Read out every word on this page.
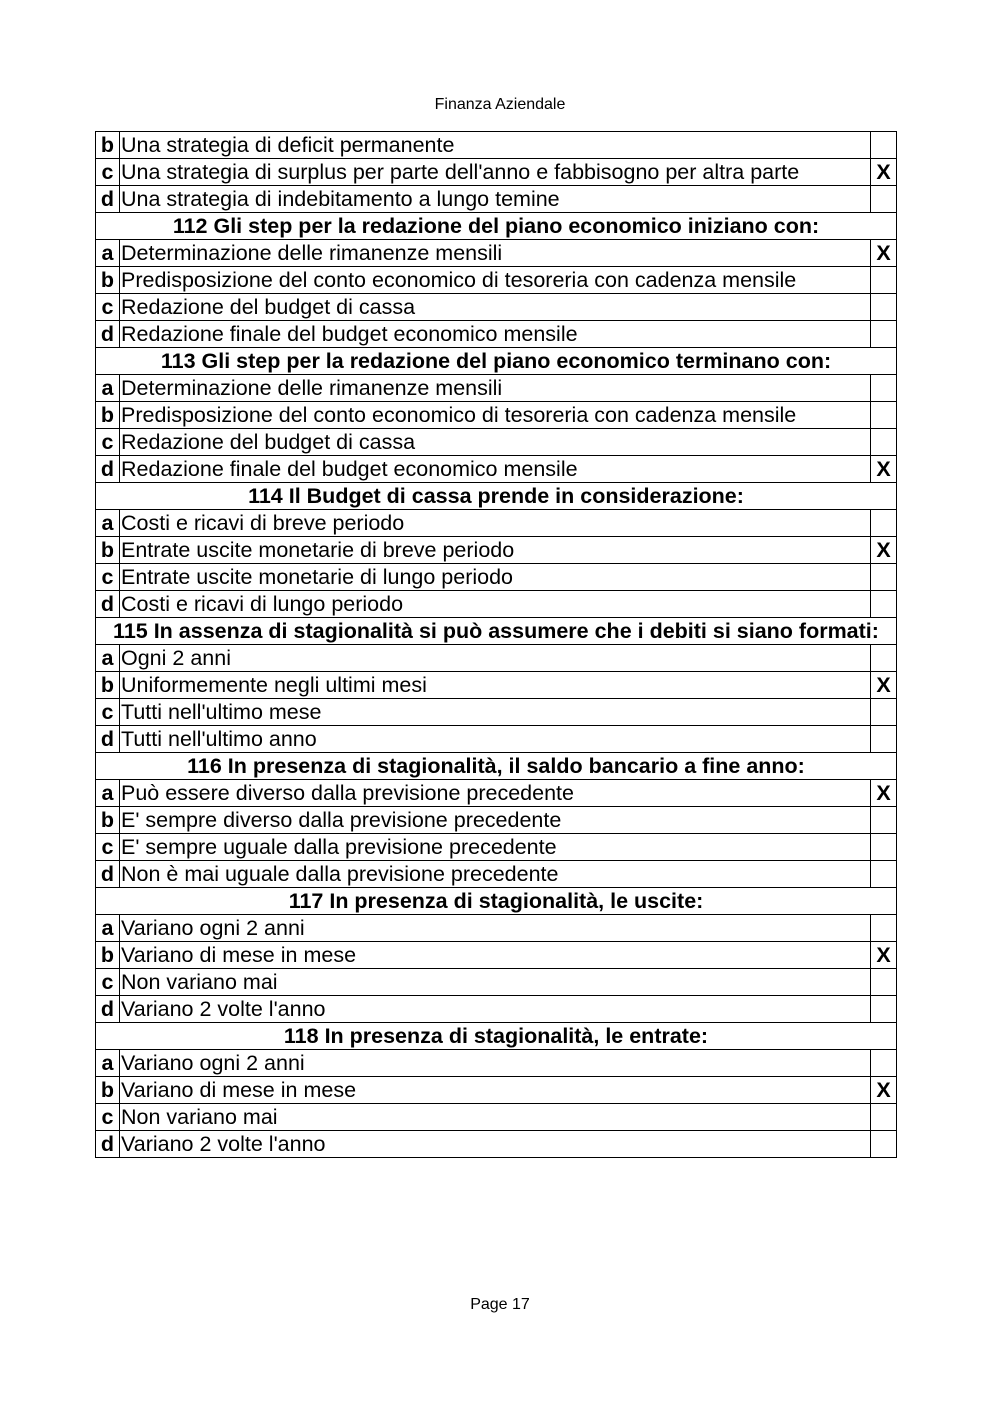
Finanza Aziendale
b	Una strategia di deficit permanente	
c	Una strategia di surplus per parte dell'anno e fabbisogno per altra parte	X
d	Una strategia di indebitamento a lungo temine	
112 Gli step per la redazione del piano economico iniziano con:		
a	Determinazione delle rimanenze mensili	X
b	Predisposizione del conto economico di tesoreria con cadenza mensile	
c	Redazione del budget di cassa	
d	Redazione finale del budget economico mensile	
113 Gli step per la redazione del piano economico terminano con:		
a	Determinazione delle rimanenze mensili	
b	Predisposizione del conto economico di tesoreria con cadenza mensile	
c	Redazione del budget di cassa	
d	Redazione finale del budget economico mensile	X
114 Il Budget di cassa prende in considerazione:		
a	Costi e ricavi di breve periodo	
b	Entrate uscite monetarie di breve periodo	X
c	Entrate uscite monetarie di lungo periodo	
d	Costi e ricavi di lungo periodo	
115 In assenza di stagionalità si può assumere che i debiti si siano formati:		
a	Ogni 2 anni	
b	Uniformemente negli ultimi mesi	X
c	Tutti nell'ultimo mese	
d	Tutti nell'ultimo anno	
116 In presenza di stagionalità, il saldo bancario a fine anno:		
a	Può essere diverso dalla previsione precedente	X
b	E' sempre diverso dalla previsione precedente	
c	E' sempre uguale dalla previsione precedente	
d	Non è mai uguale dalla previsione precedente	
117 In presenza di stagionalità, le uscite:		
a	Variano ogni 2 anni	
b	Variano di mese in mese	X
c	Non variano mai	
d	Variano 2 volte l'anno	
118 In presenza di stagionalità, le entrate:		
a	Variano ogni 2 anni	
b	Variano di mese in mese	X
c	Non variano mai	
d	Variano 2 volte l'anno	
Page 17
